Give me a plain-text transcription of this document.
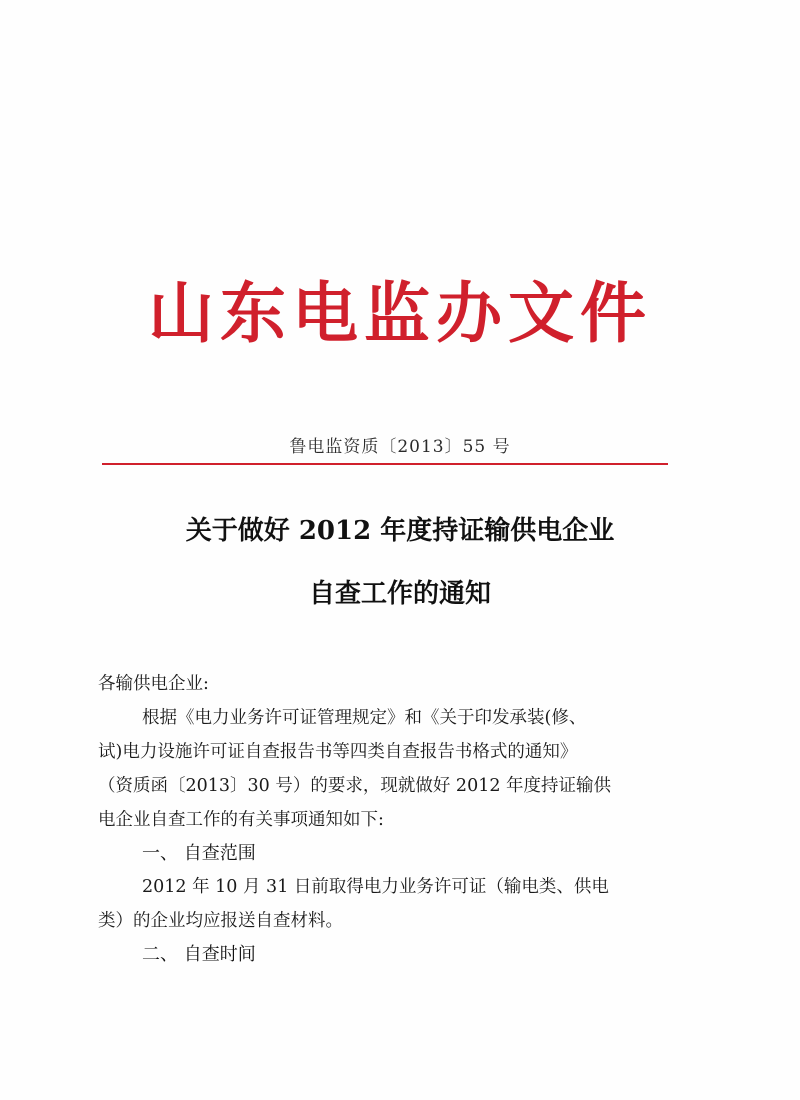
山东电监办文件
鲁电监资质〔2013〕55 号
关于做好 2012 年度持证输供电企业
自查工作的通知
各输供电企业:
根据《电力业务许可证管理规定》和《关于印发承装(修、
试)电力设施许可证自查报告书等四类自查报告书格式的通知》
（资质函〔2013〕30 号）的要求，现就做好 2012 年度持证输供
电企业自查工作的有关事项通知如下:
一、 自查范围
2012 年 10 月 31 日前取得电力业务许可证（输电类、供电
类）的企业均应报送自查材料。
二、 自查时间
